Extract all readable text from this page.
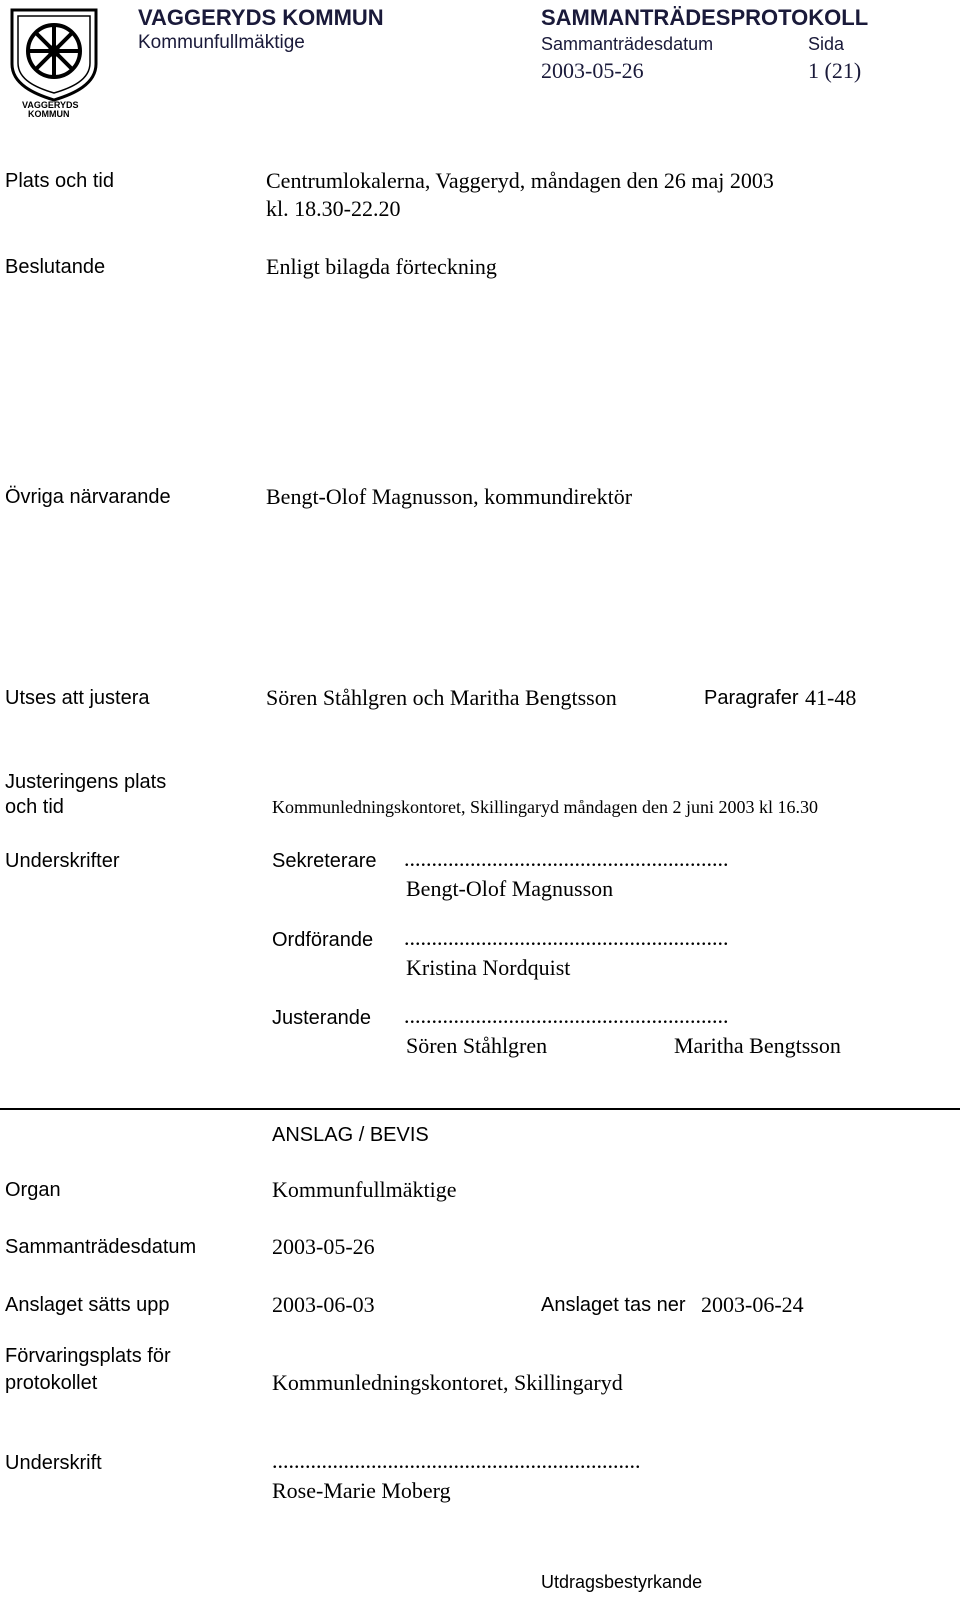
VAGGERYDS
KOMMUN
VAGGERYDS KOMMUN
Kommunfullmäktige
SAMMANTRÄDESPROTOKOLL
Sammanträdesdatum	Sida
2003-05-26	1 (21)
Plats och tid	Centrumlokalerna, Vaggeryd, måndagen den 26 maj 2003
kl. 18.30-22.20
Beslutande	Enligt bilagda förteckning
Övriga närvarande	Bengt-Olof Magnusson, kommundirektör
Utses att justera	Sören Ståhlgren och Maritha Bengtsson	Paragrafer 41-48
Justeringens plats
och tid	Kommunledningskontoret, Skillingaryd måndagen den 2 juni 2003 kl 16.30
Underskrifter	Sekreterare ...........................................................
Bengt-Olof Magnusson
Ordförande ...........................................................
Kristina Nordquist
Justerande ...........................................................
Sören Ståhlgren	Maritha Bengtsson
ANSLAG / BEVIS
Organ	Kommunfullmäktige
Sammanträdesdatum	2003-05-26
Anslaget sätts upp	2003-06-03	Anslaget tas ner 2003-06-24
Förvaringsplats för
protokollet	Kommunledningskontoret, Skillingaryd
Underskrift	...................................................................
Rose-Marie Moberg
Utdragsbestyrkande
